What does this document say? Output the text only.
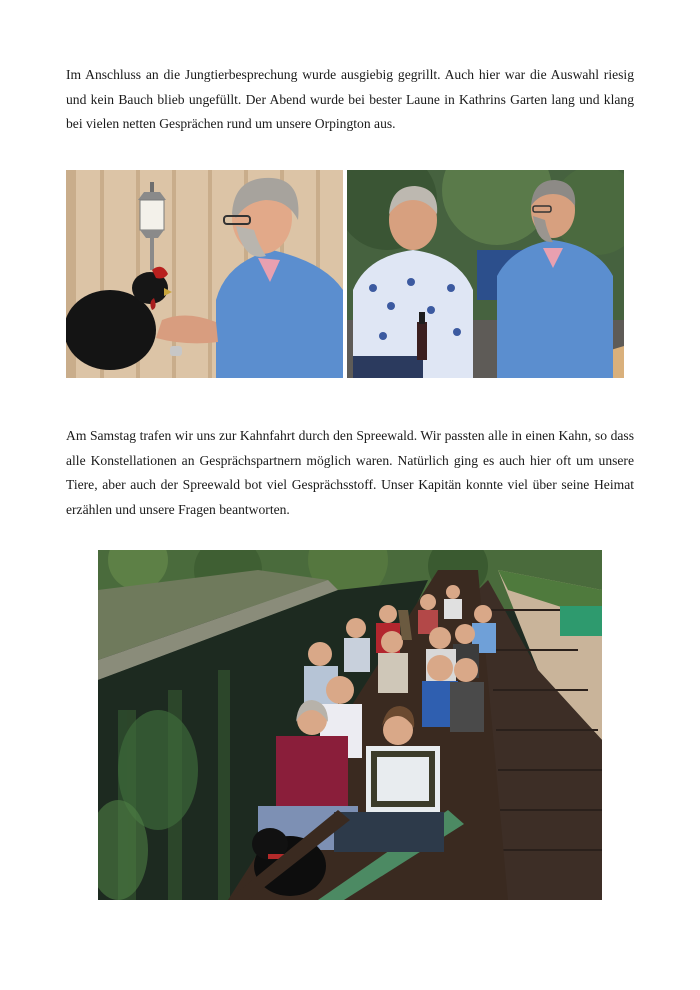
Im Anschluss an die Jungtierbesprechung wurde ausgiebig gegrillt. Auch hier war die Auswahl riesig und kein Bauch blieb ungefüllt. Der Abend wurde bei bester Laune in Kathrins Garten lang und klang bei vielen netten Gesprächen rund um unsere Orpington aus.

Am Samstag trafen wir uns zur Kahnfahrt durch den Spreewald. Wir passten alle in einen Kahn, so dass alle Konstellationen an Gesprächspartnern möglich waren. Natürlich ging es auch hier oft um unsere Tiere, aber auch der Spreewald bot viel Gesprächsstoff. Unser Kapitän konnte viel über seine Heimat erzählen und unsere Fragen beantworten.
